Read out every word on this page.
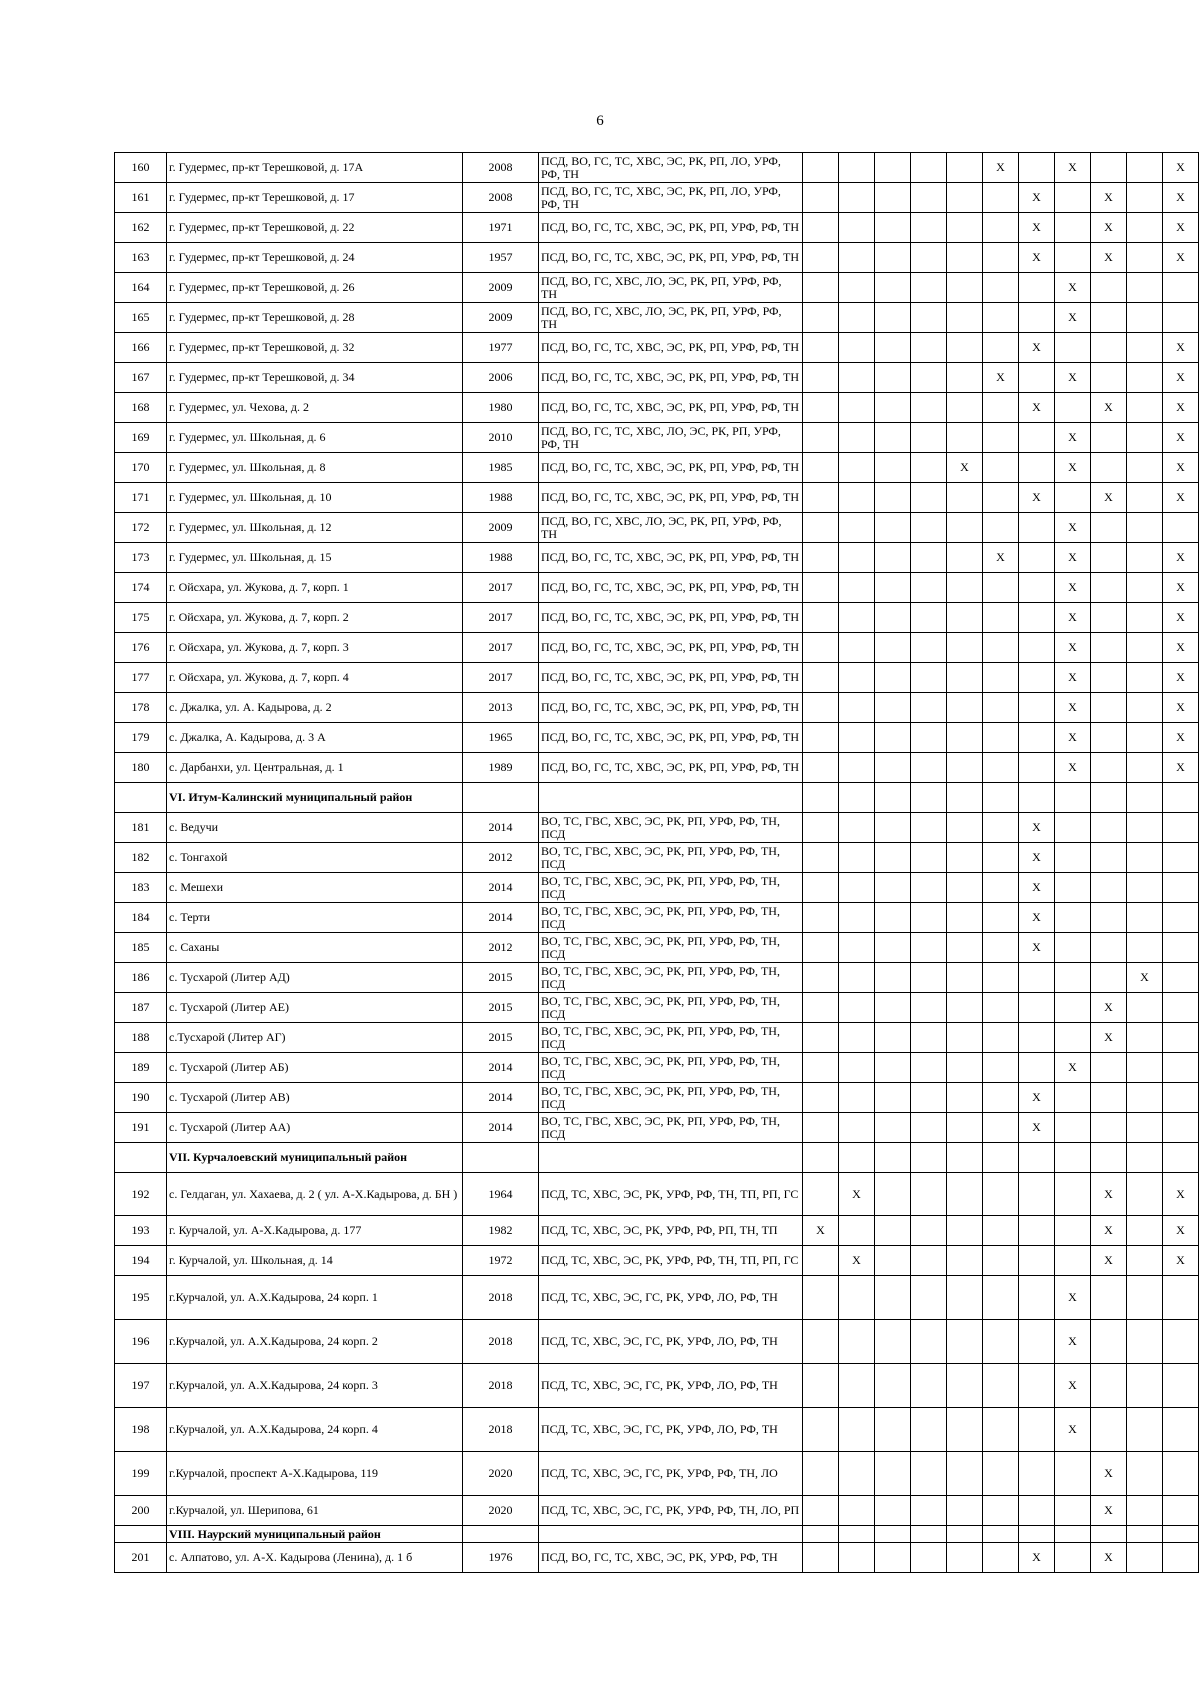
6
160	г. Гудермес, пр-кт Терешковой, д. 17А	2008	ПСД, ВО, ГС, ТС, ХВС, ЭС, РК, РП, ЛО, УРФ, РФ, ТН						X		X			X
161	г. Гудермес, пр-кт Терешковой, д. 17	2008	ПСД, ВО, ГС, ТС, ХВС, ЭС, РК, РП, ЛО, УРФ, РФ, ТН							X		X		X
162	г. Гудермес, пр-кт Терешковой, д. 22	1971	ПСД, ВО, ГС, ТС, ХВС, ЭС, РК, РП, УРФ, РФ, ТН							X		X		X
163	г. Гудермес, пр-кт Терешковой, д. 24	1957	ПСД, ВО, ГС, ТС, ХВС, ЭС, РК, РП, УРФ, РФ, ТН							X		X		X
164	г. Гудермес, пр-кт Терешковой, д. 26	2009	ПСД, ВО, ГС, ХВС, ЛО, ЭС, РК, РП, УРФ, РФ, ТН								X			
165	г. Гудермес, пр-кт Терешковой, д. 28	2009	ПСД, ВО, ГС, ХВС, ЛО, ЭС, РК, РП, УРФ, РФ, ТН								X			
166	г. Гудермес, пр-кт Терешковой, д. 32	1977	ПСД, ВО, ГС, ТС, ХВС, ЭС, РК, РП, УРФ, РФ, ТН							X				X
167	г. Гудермес, пр-кт Терешковой, д. 34	2006	ПСД, ВО, ГС, ТС, ХВС, ЭС, РК, РП, УРФ, РФ, ТН						X		X			X
168	г. Гудермес, ул. Чехова, д. 2	1980	ПСД, ВО, ГС, ТС, ХВС, ЭС, РК, РП, УРФ, РФ, ТН							X		X		X
169	г. Гудермес, ул. Школьная, д. 6	2010	ПСД, ВО, ГС, ТС, ХВС, ЛО, ЭС, РК, РП, УРФ, РФ, ТН								X			X
170	г. Гудермес, ул. Школьная, д. 8	1985	ПСД, ВО, ГС, ТС, ХВС, ЭС, РК, РП, УРФ, РФ, ТН					X			X			X
171	г. Гудермес, ул. Школьная, д. 10	1988	ПСД, ВО, ГС, ТС, ХВС, ЭС, РК, РП, УРФ, РФ, ТН							X		X		X
172	г. Гудермес, ул. Школьная, д. 12	2009	ПСД, ВО, ГС, ХВС, ЛО, ЭС, РК, РП, УРФ, РФ, ТН								X			
173	г. Гудермес, ул. Школьная, д. 15	1988	ПСД, ВО, ГС, ТС, ХВС, ЭС, РК, РП, УРФ, РФ, ТН						X		X			X
174	г. Ойсхара, ул. Жукова, д. 7, корп. 1	2017	ПСД, ВО, ГС, ТС, ХВС, ЭС, РК, РП, УРФ, РФ, ТН								X			X
175	г. Ойсхара, ул. Жукова, д. 7, корп. 2	2017	ПСД, ВО, ГС, ТС, ХВС, ЭС, РК, РП, УРФ, РФ, ТН								X			X
176	г. Ойсхара, ул. Жукова, д. 7, корп. 3	2017	ПСД, ВО, ГС, ТС, ХВС, ЭС, РК, РП, УРФ, РФ, ТН								X			X
177	г. Ойсхара, ул. Жукова, д. 7, корп. 4	2017	ПСД, ВО, ГС, ТС, ХВС, ЭС, РК, РП, УРФ, РФ, ТН								X			X
178	с. Джалка, ул. А. Кадырова, д. 2	2013	ПСД, ВО, ГС, ТС, ХВС, ЭС, РК, РП, УРФ, РФ, ТН								X			X
179	с. Джалка, А. Кадырова, д. 3 А	1965	ПСД, ВО, ГС, ТС, ХВС, ЭС, РК, РП, УРФ, РФ, ТН								X			X
180	с. Дарбанхи, ул. Центральная, д. 1	1989	ПСД, ВО, ГС, ТС, ХВС, ЭС, РК, РП, УРФ, РФ, ТН								X			X
	VI. Итум-Калинский муниципальный район													
181	с. Ведучи	2014	ВО, ТС, ГВС, ХВС, ЭС, РК, РП, УРФ, РФ, ТН, ПСД							X				
182	с. Тонгахой	2012	ВО, ТС, ГВС, ХВС, ЭС, РК, РП, УРФ, РФ, ТН, ПСД							X				
183	с. Мешехи	2014	ВО, ТС, ГВС, ХВС, ЭС, РК, РП, УРФ, РФ, ТН, ПСД							X				
184	с. Терти	2014	ВО, ТС, ГВС, ХВС, ЭС, РК, РП, УРФ, РФ, ТН, ПСД							X				
185	с. Саханы	2012	ВО, ТС, ГВС, ХВС, ЭС, РК, РП, УРФ, РФ, ТН, ПСД							X				
186	с. Тусхарой (Литер АД)	2015	ВО, ТС, ГВС, ХВС, ЭС, РК, РП, УРФ, РФ, ТН, ПСД										X	
187	с. Тусхарой (Литер АЕ)	2015	ВО, ТС, ГВС, ХВС, ЭС, РК, РП, УРФ, РФ, ТН, ПСД									X		
188	с.Тусхарой (Литер АГ)	2015	ВО, ТС, ГВС, ХВС, ЭС, РК, РП, УРФ, РФ, ТН, ПСД									X		
189	с. Тусхарой (Литер АБ)	2014	ВО, ТС, ГВС, ХВС, ЭС, РК, РП, УРФ, РФ, ТН, ПСД								X			
190	с. Тусхарой (Литер АВ)	2014	ВО, ТС, ГВС, ХВС, ЭС, РК, РП, УРФ, РФ, ТН, ПСД							X				
191	с. Тусхарой (Литер АА)	2014	ВО, ТС, ГВС, ХВС, ЭС, РК, РП, УРФ, РФ, ТН, ПСД							X				
	VII. Курчалоевский муниципальный район													
192	с. Гелдаган, ул. Хахаева, д. 2 ( ул. А-Х.Кадырова, д. БН )	1964	ПСД, ТС, ХВС, ЭС, РК, УРФ, РФ, ТН, ТП, РП, ГС		X							X		X
193	г. Курчалой, ул. А-Х.Кадырова, д. 177	1982	ПСД, ТС, ХВС, ЭС, РК, УРФ, РФ, РП, ТН, ТП	X								X		X
194	г. Курчалой, ул. Школьная, д. 14	1972	ПСД, ТС, ХВС, ЭС, РК, УРФ, РФ, ТН, ТП, РП, ГС		X							X		X
195	г.Курчалой, ул. А.Х.Кадырова, 24 корп. 1	2018	ПСД, ТС, ХВС, ЭС, ГС, РК, УРФ, ЛО, РФ, ТН								X			
196	г.Курчалой, ул. А.Х.Кадырова, 24 корп. 2	2018	ПСД, ТС, ХВС, ЭС, ГС, РК, УРФ, ЛО, РФ, ТН								X			
197	г.Курчалой, ул. А.Х.Кадырова, 24 корп. 3	2018	ПСД, ТС, ХВС, ЭС, ГС, РК, УРФ, ЛО, РФ, ТН								X			
198	г.Курчалой, ул. А.Х.Кадырова, 24 корп. 4	2018	ПСД, ТС, ХВС, ЭС, ГС, РК, УРФ, ЛО, РФ, ТН								X			
199	г.Курчалой, проспект А-Х.Кадырова, 119	2020	ПСД, ТС, ХВС, ЭС, ГС, РК, УРФ, РФ, ТН, ЛО									X		
200	г.Курчалой, ул. Шерипова, 61	2020	ПСД, ТС, ХВС, ЭС, ГС, РК, УРФ, РФ, ТН, ЛО, РП									X		
	VIII. Наурский муниципальный район													
201	с. Алпатово, ул. А-Х. Кадырова (Ленина), д. 1 б	1976	ПСД, ВО, ГС, ТС, ХВС, ЭС, РК, УРФ, РФ, ТН							X		X		
